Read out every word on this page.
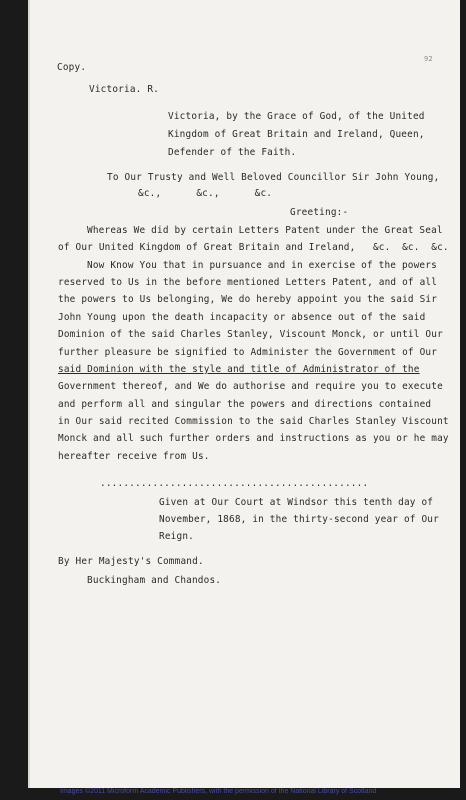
92
Copy.
Victoria. R.
Victoria, by the Grace of God, of the United
Kingdom of Great Britain and Ireland, Queen,
Defender of the Faith.
To Our Trusty and Well Beloved Councillor Sir John Young,
&c.,      &c.,      &c.
Greeting:-
Whereas We did by certain Letters Patent under the Great Seal
of Our United Kingdom of Great Britain and Ireland,   &c.  &c.  &c.
Now Know You that in pursuance and in exercise of the powers
reserved to Us in the before mentioned Letters Patent, and of all
the powers to Us belonging, We do hereby appoint you the said Sir
John Young upon the death incapacity or absence out of the said
Dominion of the said Charles Stanley, Viscount Monck, or until Our
further pleasure be signified to Administer the Government of Our
said Dominion with the style and title of Administrator of the
Government thereof, and We do authorise and require you to execute
and perform all and singular the powers and directions contained
in Our said recited Commission to the said Charles Stanley Viscount
Monck and all such further orders and instructions as you or he may
hereafter receive from Us.
..............................................
Given at Our Court at Windsor this tenth day of
November, 1868, in the thirty-second year of Our
Reign.
By Her Majesty's Command.
Buckingham and Chandos.
Images ©2011 Microform Academic Publishers, with the permission of the National Library of Scotland
